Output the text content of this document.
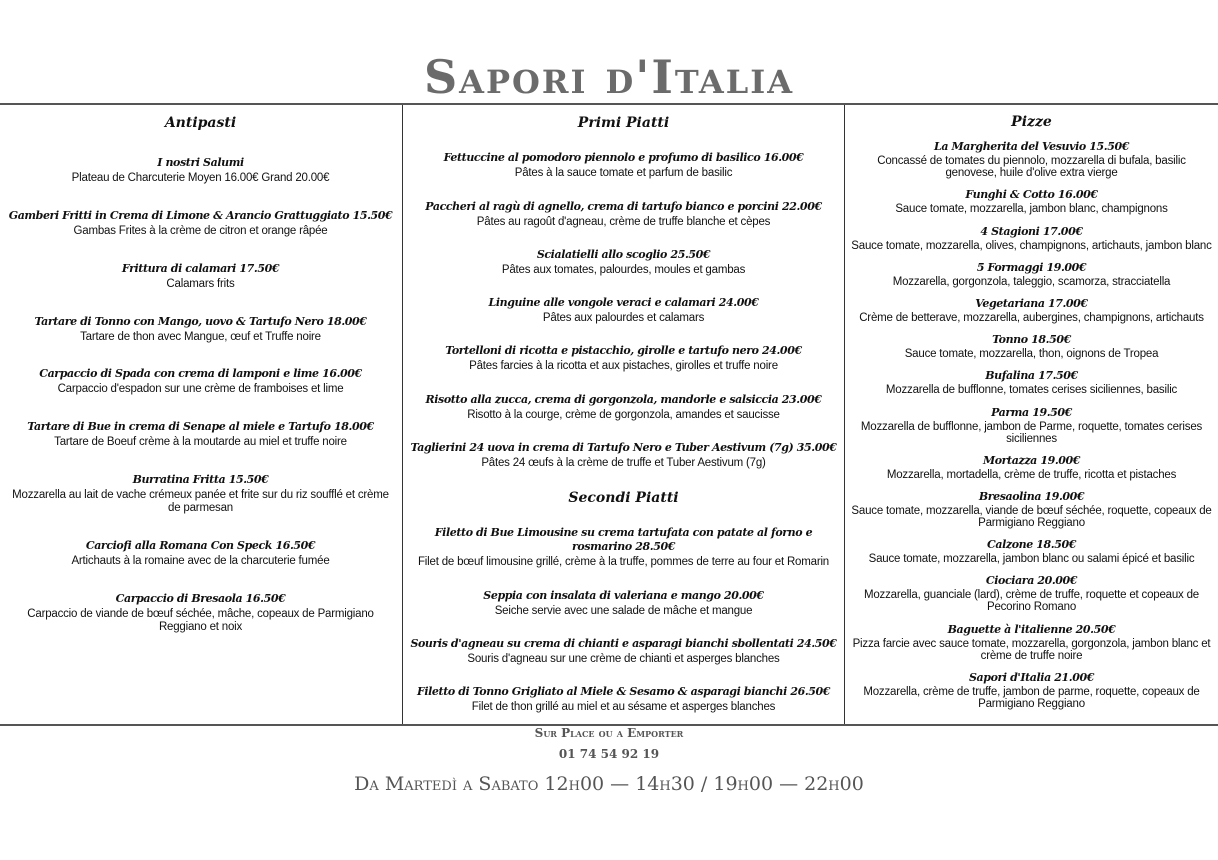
Sapori d'Italia
Antipasti
I nostri Salumi
Plateau de Charcuterie Moyen 16.00€ Grand 20.00€
Gamberi Fritti in Crema di Limone & Arancio Grattuggiato 15.50€
Gambas Frites à la crème de citron et orange râpée
Frittura di calamari 17.50€
Calamars frits
Tartare di Tonno con Mango, uovo & Tartufo Nero 18.00€
Tartare de thon avec Mangue, œuf et Truffe noire
Carpaccio di Spada con crema di lamponi e lime 16.00€
Carpaccio d'espadon sur une crème de framboises et lime
Tartare di Bue in crema di Senape al miele e Tartufo 18.00€
Tartare de Boeuf crème à la moutarde au miel et truffe noire
Burratina Fritta 15.50€
Mozzarella au lait de vache crémeux panée et frite sur du riz soufflé et crème de parmesan
Carciofi alla Romana Con Speck 16.50€
Artichauts à la romaine avec de la charcuterie fumée
Carpaccio di Bresaola 16.50€
Carpaccio de viande de bœuf séchée, mâche, copeaux de Parmigiano Reggiano et noix
Primi Piatti
Fettuccine al pomodoro piennolo e profumo di basilico 16.00€
Pâtes à la sauce tomate et parfum de basilic
Paccheri al ragù di agnello, crema di tartufo bianco e porcini 22.00€
Pâtes au ragoût d'agneau, crème de truffe blanche et cèpes
Scialatielli allo scoglio 25.50€
Pâtes aux tomates, palourdes, moules et gambas
Linguine alle vongole veraci e calamari 24.00€
Pâtes aux palourdes et calamars
Tortelloni di ricotta e pistacchio, girolle e tartufo nero 24.00€
Pâtes farcies à la ricotta et aux pistaches, girolles et truffe noire
Risotto alla zucca, crema di gorgonzola, mandorle e salsiccia 23.00€
Risotto à la courge, crème de gorgonzola, amandes et saucisse
Taglierini 24 uova in crema di Tartufo Nero e Tuber Aestivum (7g) 35.00€
Pâtes 24 œufs à la crème de truffe et Tuber Aestivum (7g)
Secondi Piatti
Filetto di Bue Limousine su crema tartufata con patate al forno e rosmarino 28.50€
Filet de bœuf limousine grillé, crème à la truffe, pommes de terre au four et Romarin
Seppia con insalata di valeriana e mango 20.00€
Seiche servie avec une salade de mâche et mangue
Souris d'agneau su crema di chianti e asparagi bianchi sbollentati 24.50€
Souris d'agneau sur une crème de chianti et asperges blanches
Filetto di Tonno Grigliato al Miele & Sesamo & asparagi bianchi 26.50€
Filet de thon grillé au miel et au sésame et asperges blanches
Pizze
La Margherita del Vesuvio 15.50€
Concassé de tomates du piennolo, mozzarella di bufala, basilic genovese, huile d'olive extra vierge
Funghi & Cotto 16.00€
Sauce tomate, mozzarella, jambon blanc, champignons
4 Stagioni 17.00€
Sauce tomate, mozzarella, olives, champignons, artichauts, jambon blanc
5 Formaggi 19.00€
Mozzarella, gorgonzola, taleggio, scamorza, stracciatella
Vegetariana 17.00€
Crème de betterave, mozzarella, aubergines, champignons, artichauts
Tonno 18.50€
Sauce tomate, mozzarella, thon, oignons de Tropea
Bufalina 17.50€
Mozzarella de bufflonne, tomates cerises siciliennes, basilic
Parma 19.50€
Mozzarella de bufflonne, jambon de Parme, roquette, tomates cerises siciliennes
Mortazza 19.00€
Mozzarella, mortadella, crème de truffe, ricotta et pistaches
Bresaolina 19.00€
Sauce tomate, mozzarella, viande de bœuf séchée, roquette, copeaux de Parmigiano Reggiano
Calzone 18.50€
Sauce tomate, mozzarella, jambon blanc ou salami épicé et basilic
Ciociara 20.00€
Mozzarella, guanciale (lard), crème de truffe, roquette et copeaux de Pecorino Romano
Baguette à l'italienne 20.50€
Pizza farcie avec sauce tomate, mozzarella, gorgonzola, jambon blanc et crème de truffe noire
Sapori d'Italia 21.00€
Mozzarella, crème de truffe, jambon de parme, roquette, copeaux de Parmigiano Reggiano
Sur Place ou a Emporter
01 74 54 92 19
Da Martedì a Sabato 12h00 — 14h30 / 19h00 — 22h00
